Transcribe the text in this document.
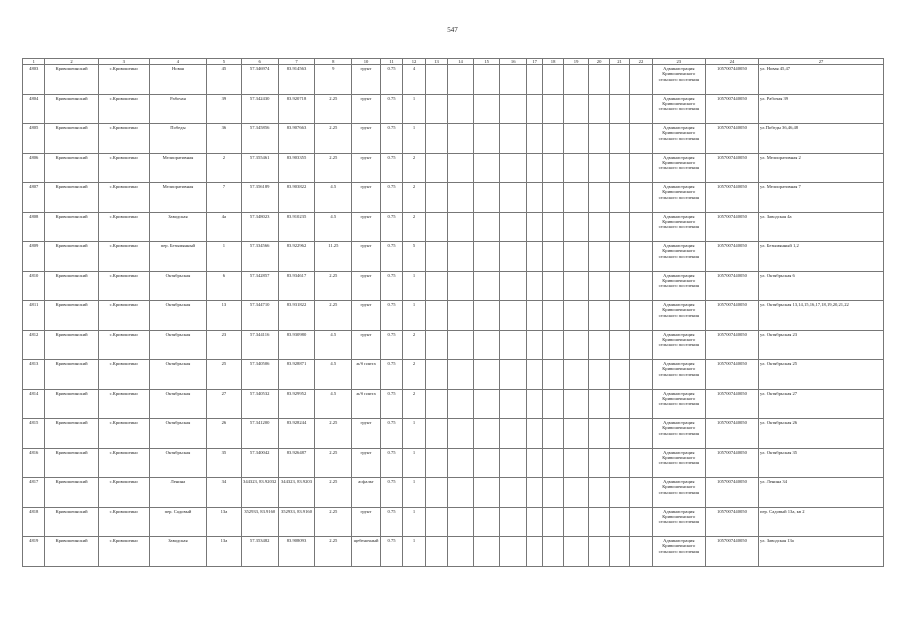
547
1	2	3	4	5	6	7	8	10	11	12	13	14	15	16	17	18	19	20	21	22	23	24	27
4803	Кривошеинский	с.Кривошеино	Новая	45	57.346974	83.914563	9	грунт	0.75	4											Администрация Кривошеинского сельского поселения	1057007440050	ул. Новая 45,47
4804	Кривошеинский	с.Кривошеино	Рабочая	39	57.342430	83.920718	2.25	грунт	0.75	1											Администрация Кривошеинского сельского поселения	1057007440050	ул. Рабочая 39
4805	Кривошеинский	с.Кривошеино	Победы	36	57.345856	83.907663	2.25	грунт	0.75	1											Администрация Кривошеинского сельского поселения	1057007440050	ул.Победы 36,46,48
4806	Кривошеинский	с.Кривошеино	Мелиоративная	2	57.355461	83.903355	2.25	грунт	0.75	2											Администрация Кривошеинского сельского поселения	1057007440050	ул. Мелиоративная 2
4807	Кривошеинский	с.Кривошеино	Мелиоративная	7	57.356189	83.903822	4.5	грунт	0.75	2											Администрация Кривошеинского сельского поселения	1057007440050	ул. Мелиоративная 7
4808	Кривошеинский	с.Кривошеино	Заводская	4а	57.348023	83.910235	4.5	грунт	0.75	2											Администрация Кривошеинского сельского поселения	1057007440050	ул. Заводская 4а
4809	Кривошеинский	с.Кривошеино	пер. Безымянный	1	57.334566	83.922962	11.25	грунт	0.75	5											Администрация Кривошеинского сельского поселения	1057007440050	ул. Безымянный 1,2
4810	Кривошеинский	с.Кривошеино	Октябрьская	6	57.342857	83.934617	2.25	грунт	0.75	1											Администрация Кривошеинского сельского поселения	1057007440050	ул. Октябрьская 6
4811	Кривошеинский	с.Кривошеино	Октябрьская	13	57.344710	83.931822	2.25	грунт	0.75	1											Администрация Кривошеинского сельского поселения	1057007440050	ул. Октябрьская 13,14,15,16,17,18,19,20,21,22
4812	Кривошеинский	с.Кривошеино	Октябрьская	23	57.344116	83.930980	4.5	грунт	0.75	2											Администрация Кривошеинского сельского поселения	1057007440050	ул. Октябрьская 23
4813	Кривошеинский	с.Кривошеино	Октябрьская	25	57.340506	83.928871	4.5	ж/б плита	0.75	2											Администрация Кривошеинского сельского поселения	1057007440050	ул. Октябрьская 25
4814	Кривошеинский	с.Кривошеино	Октябрьская	27	57.340532	83.929952	4.5	ж/б плита	0.75	2											Администрация Кривошеинского сельского поселения	1057007440050	ул. Октябрьская 27
4815	Кривошеинский	с.Кривошеино	Октябрьская	26	57.341200	83.928244	2.25	грунт	0.75	1											Администрация Кривошеинского сельского поселения	1057007440050	ул. Октябрьская 26
4816	Кривошеинский	с.Кривошеино	Октябрьская	35	57.340042	83.926487	2.25	грунт	0.75	1											Администрация Кривошеинского сельского поселения	1057007440050	ул. Октябрьская 35
4817	Кривошеинский	с.Кривошеино	Ленина	34	344323, 83.92032	344323, 83.9203	2.25	асфальт	0.75	1											Администрация Кривошеинского сельского поселения	1057007440050	ул. Ленина 34
4818	Кривошеинский	с.Кривошеино	пер. Садовый	13а	352933, 83.9160	352933, 83.9160	2.25	грунт	0.75	1											Администрация Кривошеинского сельского поселения	1057007440050	пер. Садовый 13а, кв 2
4819	Кривошеинский	с.Кривошеино	Заводская	13а	57.353482	83.908093	2.25	щебеночный	0.75	1											Администрация Кривошеинского сельского поселения	1057007440050	ул. Заводская 13а
